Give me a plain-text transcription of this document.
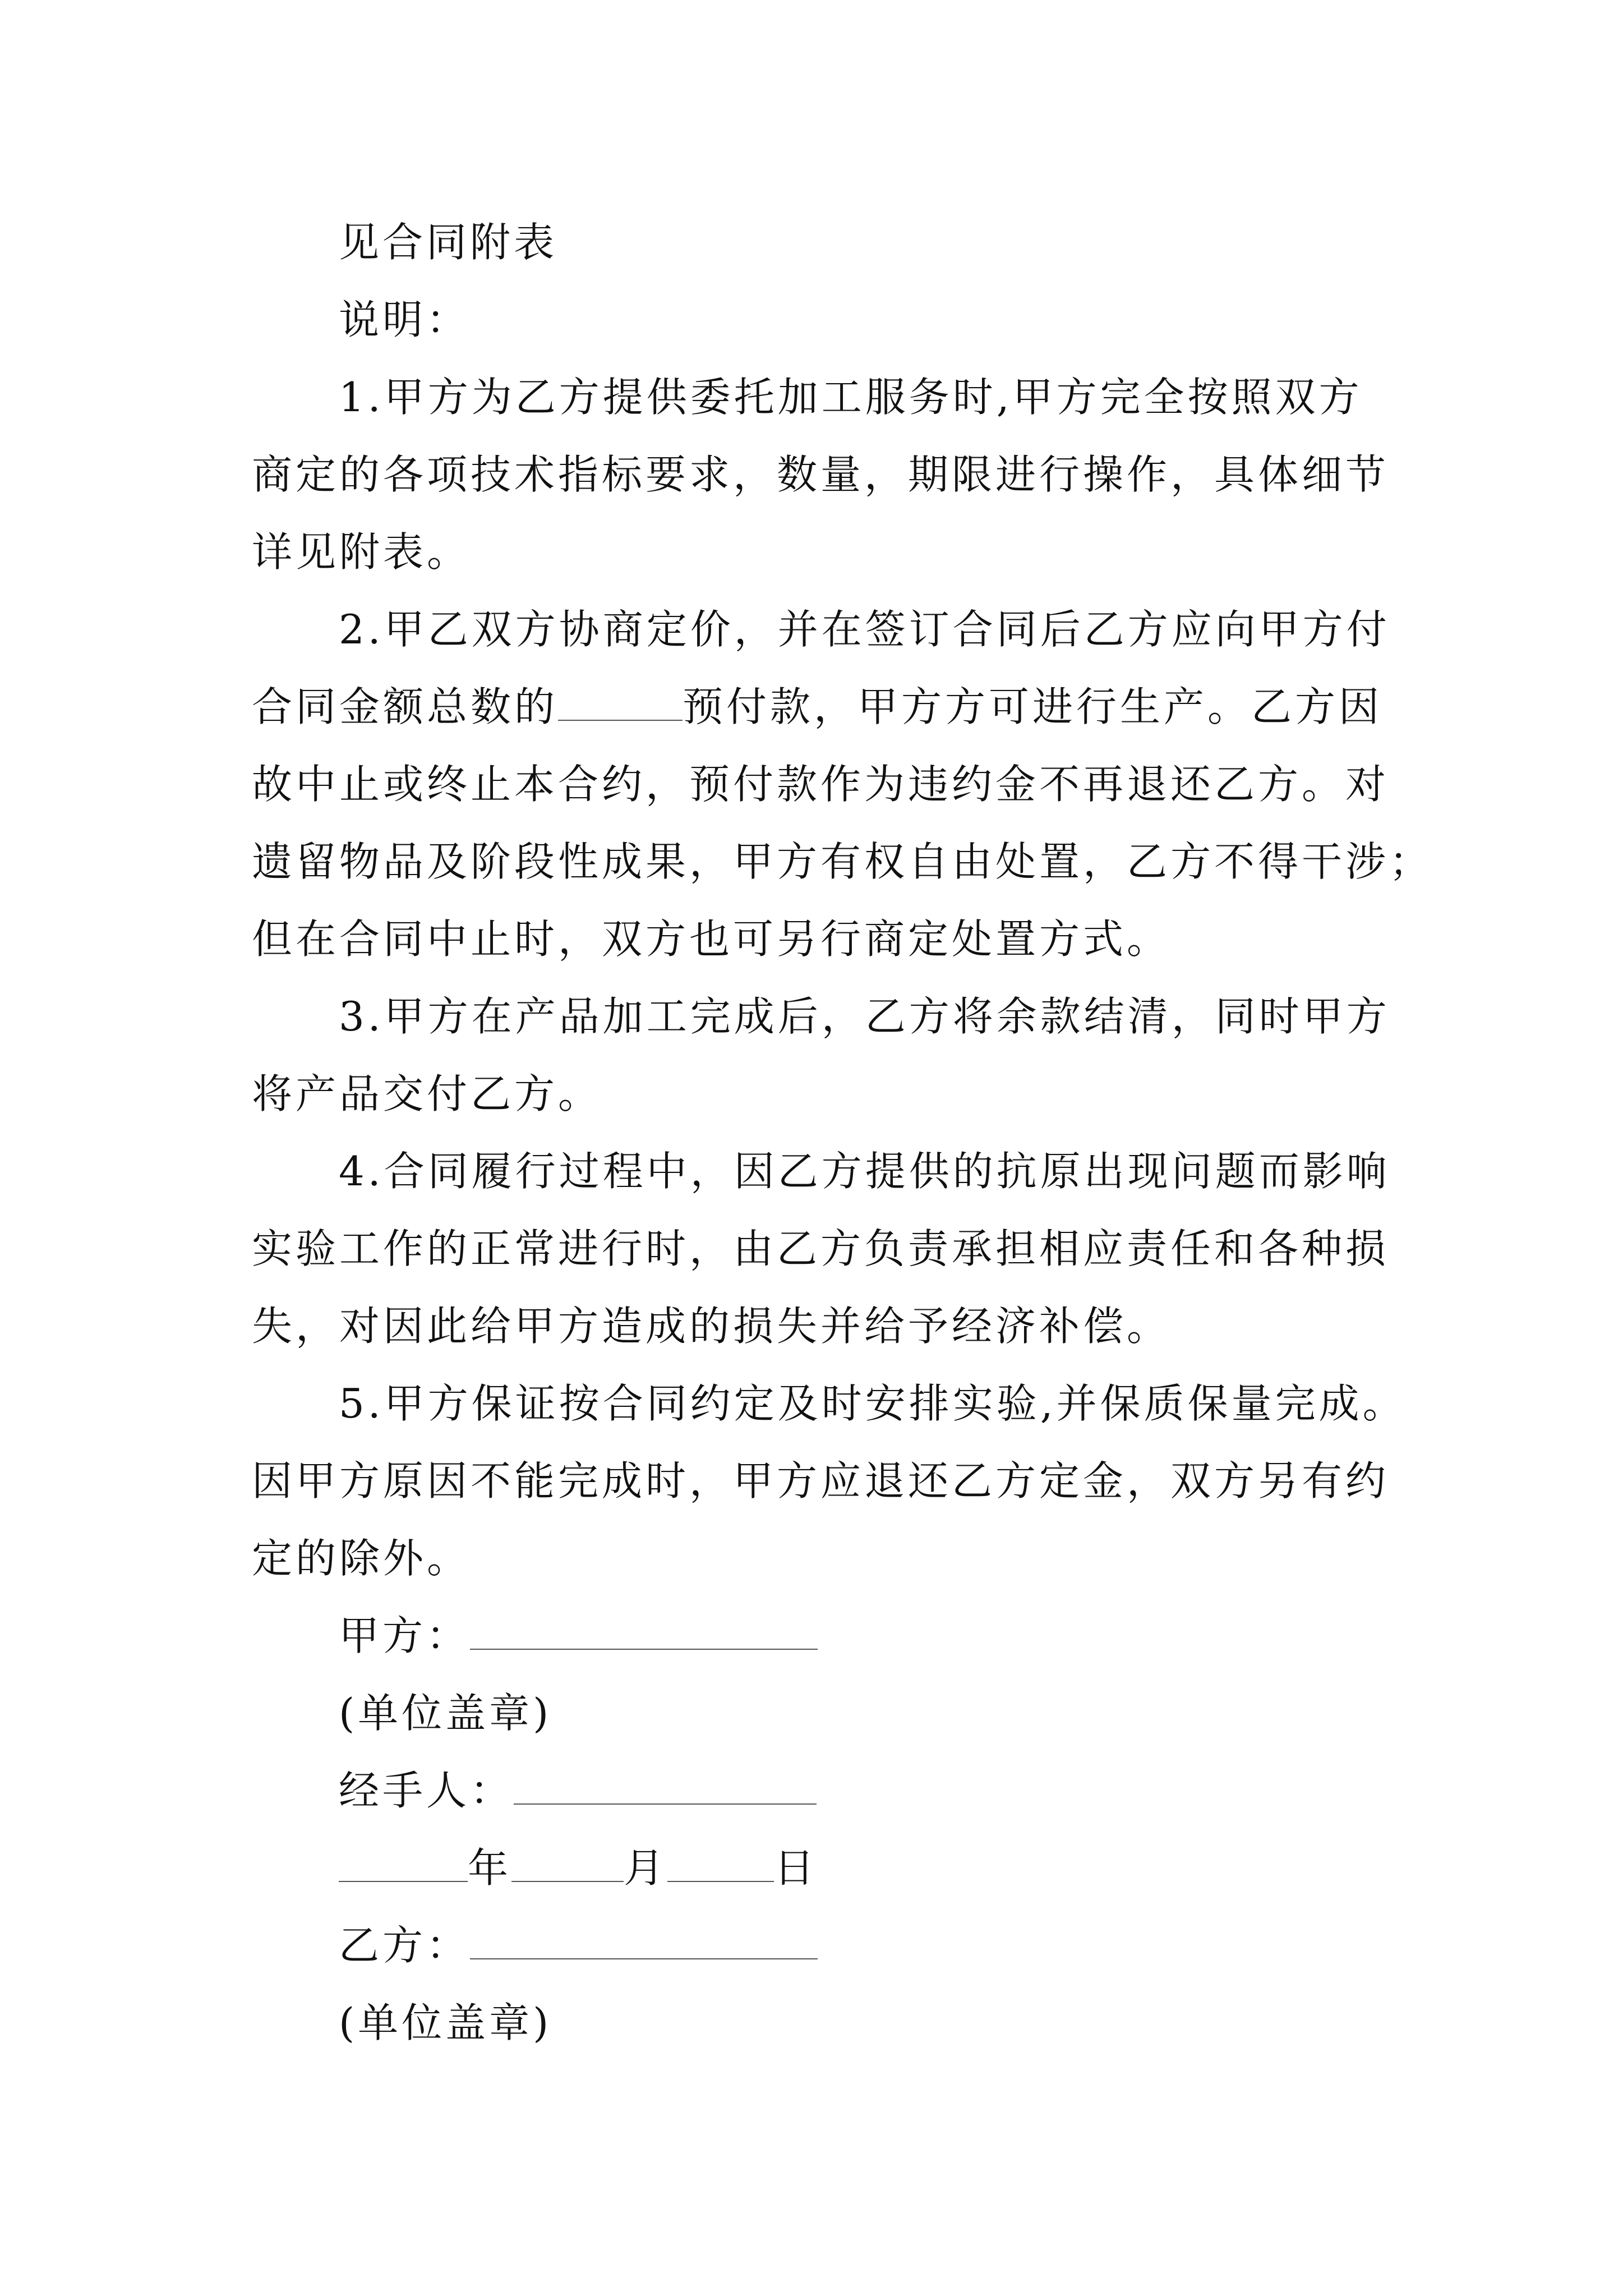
见合同附表
说明：
1.甲方为乙方提供委托加工服务时,甲方完全按照双方
商定的各项技术指标要求，数量，期限进行操作，具体细节
详见附表。
2.甲乙双方协商定价，并在签订合同后乙方应向甲方付
合同金额总数的	预付款，甲方方可进行生产。乙方因
故中止或终止本合约，预付款作为违约金不再退还乙方。对
遗留物品及阶段性成果，甲方有权自由处置，乙方不得干涉；
但在合同中止时，双方也可另行商定处置方式。
3.甲方在产品加工完成后，乙方将余款结清，同时甲方
将产品交付乙方。
4.合同履行过程中，因乙方提供的抗原出现问题而影响
实验工作的正常进行时，由乙方负责承担相应责任和各种损
失，对因此给甲方造成的损失并给予经济补偿。
5.甲方保证按合同约定及时安排实验,并保质保量完成。
因甲方原因不能完成时，甲方应退还乙方定金，双方另有约
定的除外。
甲方：
(单位盖章)
经手人：
年	月	日
乙方：
(单位盖章)
